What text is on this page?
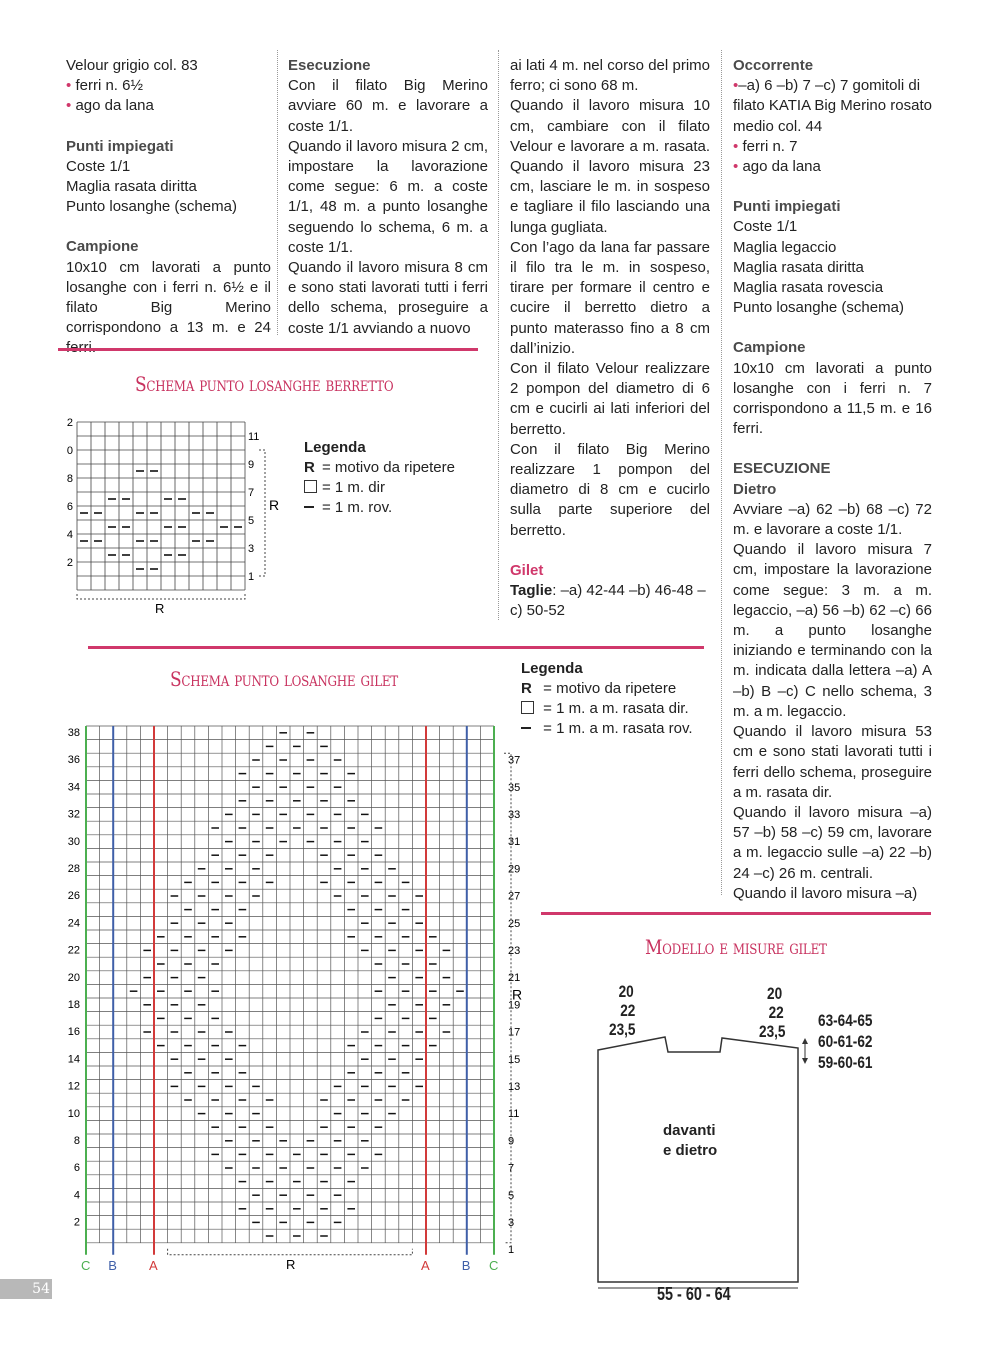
Velour grigio col. 83

• ferri n. 6½

• ago da lana

Punti impiegati

Coste 1/1

Maglia rasata diritta

Punto losanghe (schema)

Campione

10x10 cm lavorati a punto losanghe con i ferri n. 6½ e il filato Big Merino corrispondono a 13 m. e 24

Esecuzione

Con il filato Big Merino avviare 60 m. e lavorare a coste 1/1.

Quando il lavoro misura 2 cm, impostare la lavorazione come segue: 6 m. a coste 1/1, 48 m. a punto losanghe seguendo lo schema, 6 m. a coste 1/1.

Quando il lavoro misura 8 cm e sono stati lavorati tutti i ferri dello schema, proseguire a coste 1/1 avviando a nuovo

ai lati 4 m. nel corso del primo ferro; ci sono 68 m.

Quando il lavoro misura 10 cm, cambiare con il filato Velour e lavorare a m. rasata. Quando il lavoro misura 23 cm, lasciare le m. in sospeso e tagliare il filo lasciando una lunga gugliata.

Con l’ago da lana far passare il filo tra le m. in sospeso, tirare per formare il centro e cucire il berretto dietro a punto materasso fino a 8 cm dall’inizio.

Con il filato Velour realizzare 2 pompon del diametro di 6 cm e cucirli ai lati inferiori del berretto.

Con il filato Big Merino realizzare 1 pompon del diametro di 8 cm e cucirlo sulla parte superiore del berretto.

Gilet

Taglie: –a) 42-44 –b) 46-48 –c) 50-52

Occorrente

•–a) 6 –b) 7 –c) 7 gomitoli di filato KATIA Big Merino rosato medio col. 44

• ferri n. 7

• ago da lana

Punti impiegati

Coste 1/1

Maglia legaccio

Maglia rasata diritta

Maglia rasata rovescia

Punto losanghe (schema)

Campione

10x10 cm lavorati a punto losanghe con i ferri n. 7 corrispondono a 11,5 m. e 16 ferri.

ESECUZIONE

Dietro

Avviare –a) 62 –b) 68 –c) 72 m. e lavorare a coste 1/1.

Quando il lavoro misura 7 cm, impostare la lavorazione come segue: 3 m. a m. legaccio, –a) 56 –b) 62 –c) 66 m. a punto losanghe iniziando e terminando con la m. indicata dalla lettera –a) A –b) B –c) C nello schema, 3 m. a m. legaccio.

Quando il lavoro misura 53 cm e sono stati lavorati tutti i ferri dello schema, proseguire a m. rasata dir.

Quando il lavoro misura –a) 57 –b) 58 –c) 59 cm, lavorare a m. legaccio sulle –a) 22 –b) 24 –c) 26 m. centrali.

Quando il lavoro misura –a)

Schema punto losanghe berretto
2
0
8
6
4
2
11
9
7
5
3
1
R
R
Legenda
R = motivo da ripetere
= 1 m. dir
= 1 m. rov.
Schema punto losanghe gilet	Legenda
R = motivo da ripetere
= 1 m. a m. rasata dir.
= 1 m. a m. rasata rov.
38
36
34
32
30
28
26
24
22
20
18
16
14
12
10
8
6
4
2
37
35
33
31
29
27
25
23
21
19
17
15
13
11
9
7
5
3
1
C B A	A B C
R
R
Modello e misure gilet
20
22
23,5
20
22
23,5
63-64-65
60-61-62
59-60-61
davanti
e dietro
55 - 60 - 64
54
